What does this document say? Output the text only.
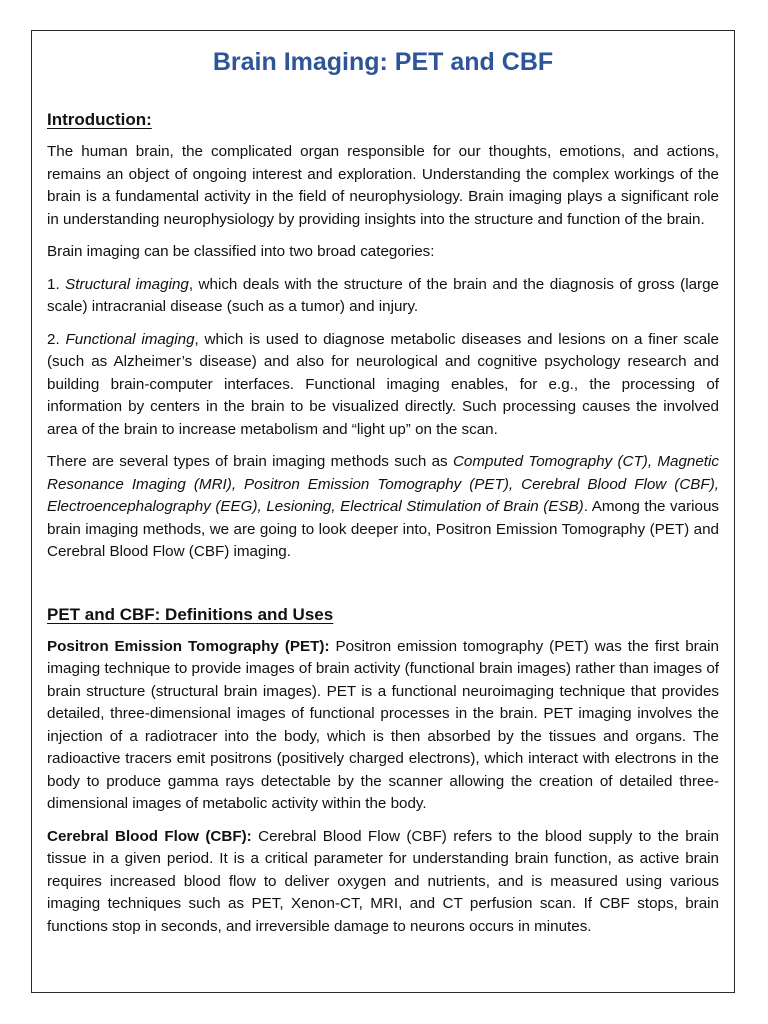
Brain Imaging: PET and CBF
Introduction:

The human brain, the complicated organ responsible for our thoughts, emotions, and actions, remains an object of ongoing interest and exploration. Understanding the complex workings of the brain is a fundamental activity in the field of neurophysiology. Brain imaging plays a significant role in understanding neurophysiology by providing insights into the structure and function of the brain.

Brain imaging can be classified into two broad categories:

1. Structural imaging, which deals with the structure of the brain and the diagnosis of gross (large scale) intracranial disease (such as a tumor) and injury.

2. Functional imaging, which is used to diagnose metabolic diseases and lesions on a finer scale (such as Alzheimer’s disease) and also for neurological and cognitive psychology research and building brain-computer interfaces. Functional imaging enables, for e.g., the processing of information by centers in the brain to be visualized directly. Such processing causes the involved area of the brain to increase metabolism and “light up” on the scan.

There are several types of brain imaging methods such as Computed Tomography (CT), Magnetic Resonance Imaging (MRI), Positron Emission Tomography (PET), Cerebral Blood Flow (CBF), Electroencephalography (EEG), Lesioning, Electrical Stimulation of Brain (ESB). Among the various brain imaging methods, we are going to look deeper into, Positron Emission Tomography (PET) and Cerebral Blood Flow (CBF) imaging.

PET and CBF: Definitions and Uses

Positron Emission Tomography (PET): Positron emission tomography (PET) was the first brain imaging technique to provide images of brain activity (functional brain images) rather than images of brain structure (structural brain images). PET is a functional neuroimaging technique that provides detailed, three-dimensional images of functional processes in the brain. PET imaging involves the injection of a radiotracer into the body, which is then absorbed by the tissues and organs. The radioactive tracers emit positrons (positively charged electrons), which interact with electrons in the body to produce gamma rays detectable by the scanner allowing the creation of detailed three-dimensional images of metabolic activity within the body.

Cerebral Blood Flow (CBF): Cerebral Blood Flow (CBF) refers to the blood supply to the brain tissue in a given period. It is a critical parameter for understanding brain function, as active brain requires increased blood flow to deliver oxygen and nutrients, and is measured using various imaging techniques such as PET, Xenon-CT, MRI, and CT perfusion scan. If CBF stops, brain functions stop in seconds, and irreversible damage to neurons occurs in minutes.
